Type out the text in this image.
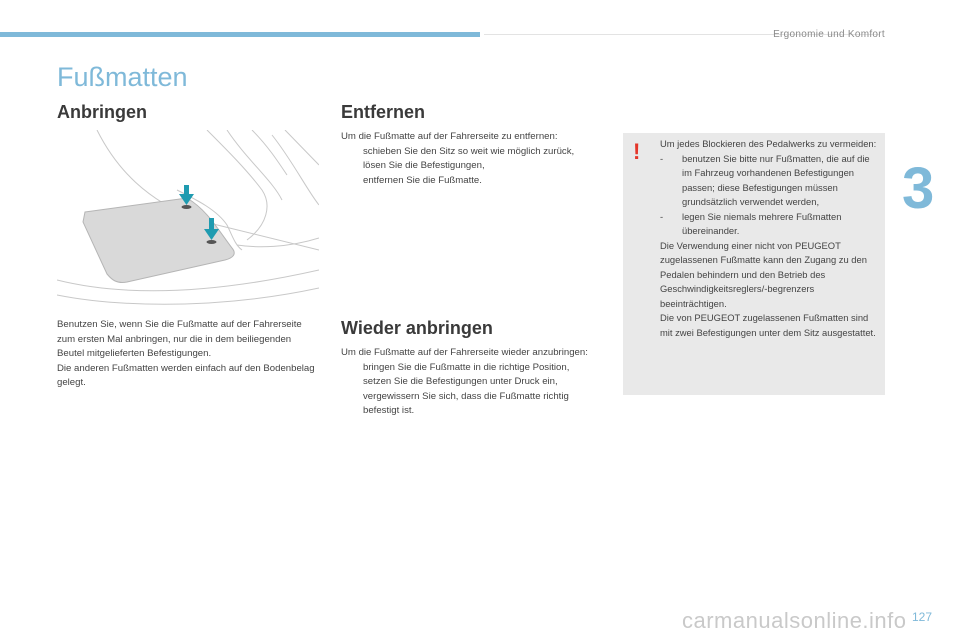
Ergonomie und Komfort
3
Fußmatten
Anbringen

Benutzen Sie, wenn Sie die Fußmatte auf der Fahrerseite zum ersten Mal anbringen, nur die in dem beiliegenden Beutel mitgelieferten Befestigungen.

Die anderen Fußmatten werden einfach auf den Bodenbelag gelegt.

Entfernen

Um die Fußmatte auf der Fahrerseite zu entfernen:

schieben Sie den Sitz so weit wie möglich zurück,
lösen Sie die Befestigungen,
entfernen Sie die Fußmatte.
Wieder anbringen

Um die Fußmatte auf der Fahrerseite wieder anzubringen:

bringen Sie die Fußmatte in die richtige Position,
setzen Sie die Befestigungen unter Druck ein,
vergewissern Sie sich, dass die Fußmatte richtig befestigt ist.
! Um jedes Blockieren des Pedalwerks zu vermeiden:

- benutzen Sie bitte nur Fußmatten, die auf die im Fahrzeug vorhandenen Befestigungen passen; diese Befestigungen müssen grundsätzlich verwendet werden,
- legen Sie niemals mehrere Fußmatten übereinander.

Die Verwendung einer nicht von PEUGEOT zugelassenen Fußmatte kann den Zugang zu den Pedalen behindern und den Betrieb des Geschwindigkeitsreglers/-begrenzers beeinträchtigen.

Die von PEUGEOT zugelassenen Fußmatten sind mit zwei Befestigungen unter dem Sitz ausgestattet.

carmanualsonline.info 127
